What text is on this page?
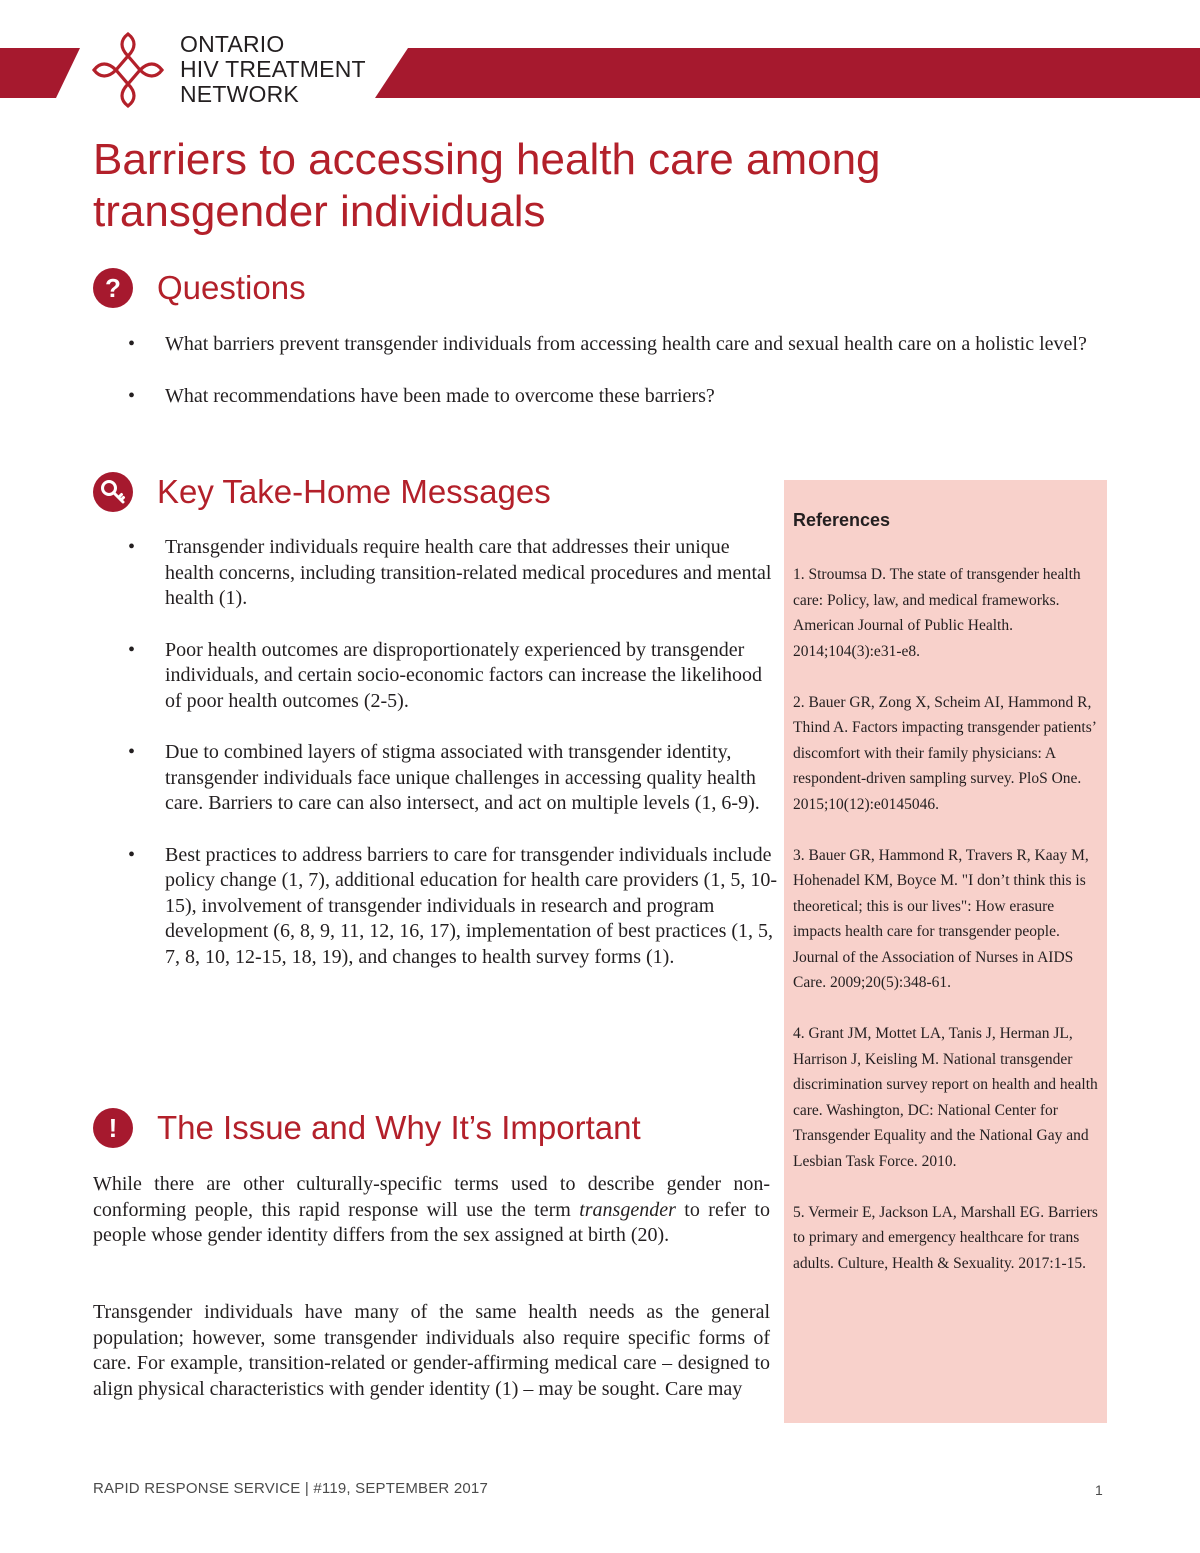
ONTARIO
HIV TREATMENT
NETWORK
Barriers to accessing health care among transgender individuals
?	Questions
• What barriers prevent transgender individuals from accessing health care and sexual health care on a holistic level?
• What recommendations have been made to overcome these barriers?
Key Take-Home Messages
• Transgender individuals require health care that addresses their unique health concerns, including transition-related medical procedures and mental health (1).
• Poor health outcomes are disproportionately experienced by transgender individuals, and certain socio-economic factors can increase the likelihood of poor health outcomes (2-5).
• Due to combined layers of stigma associated with transgender identity, transgender individuals face unique challenges in accessing quality health care. Barriers to care can also intersect, and act on multiple levels (1, 6-9).
• Best practices to address barriers to care for transgender individuals include policy change (1, 7), additional education for health care providers (1, 5, 10-15), involvement of transgender individuals in research and program development (6, 8, 9, 11, 12, 16, 17), implementation of best practices (1, 5, 7, 8, 10, 12-15, 18, 19), and changes to health survey forms (1).
!	The Issue and Why It’s Important

While there are other culturally-specific terms used to describe gender non-conforming people, this rapid response will use the term transgender to refer to people whose gender identity differs from the sex assigned at birth (20).

Transgender individuals have many of the same health needs as the general population; however, some transgender individuals also require specific forms of care. For example, transition-related or gender-affirming medical care – designed to align physical characteristics with gender identity (1) – may be sought. Care may

References
1. Stroumsa D. The state of transgender health care: Policy, law, and medical frameworks. American Journal of Public Health. 2014;104(3):e31-e8.
2. Bauer GR, Zong X, Scheim AI, Hammond R, Thind A. Factors impacting transgender patients’ discomfort with their family physicians: A respondent-driven sampling survey. PloS One. 2015;10(12):e0145046.
3. Bauer GR, Hammond R, Travers R, Kaay M, Hohenadel KM, Boyce M. "I don’t think this is theoretical; this is our lives": How erasure impacts health care for transgender people. Journal of the Association of Nurses in AIDS Care. 2009;20(5):348-61.
4. Grant JM, Mottet LA, Tanis J, Herman JL, Harrison J, Keisling M. National transgender discrimination survey report on health and health care. Washington, DC: National Center for Transgender Equality and the National Gay and Lesbian Task Force. 2010.
5. Vermeir E, Jackson LA, Marshall EG. Barriers to primary and emergency healthcare for trans adults. Culture, Health & Sexuality. 2017:1-15.
RAPID RESPONSE SERVICE | #119, SEPTEMBER 2017	1
